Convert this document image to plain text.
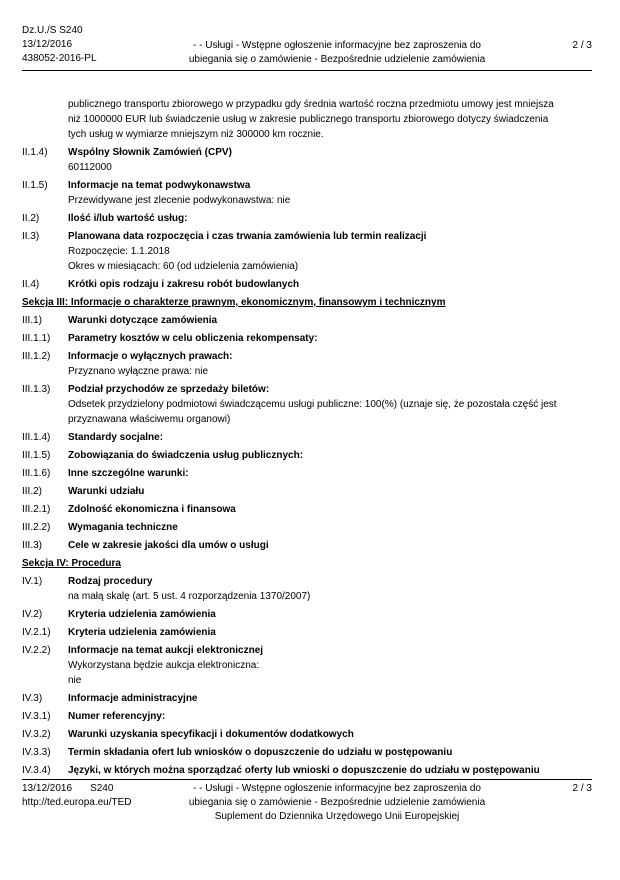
Dz.U./S S240
13/12/2016
438052-2016-PL
- - Usługi - Wstępne ogłoszenie informacyjne bez zaproszenia do
ubiegania się o zamówienie - Bezpośrednie udzielenie zamówienia
2 / 3
publicznego transportu zbiorowego w przypadku gdy średnia wartość roczna przedmiotu umowy jest mniejsza
niż 1000000 EUR lub świadczenie usług w zakresie publicznego transportu zbiorowego dotyczy świadczenia
tych usług w wymiarze mniejszym niż 300000 km rocznie.
II.1.4)	Wspólny Słownik Zamówień (CPV)
60112000
II.1.5)	Informacje na temat podwykonawstwa
Przewidywane jest zlecenie podwykonawstwa: nie
II.2)	Ilość i/lub wartość usług:
II.3)	Planowana data rozpoczęcia i czas trwania zamówienia lub termin realizacji
Rozpoczęcie: 1.1.2018
Okres w miesiącach: 60 (od udzielenia zamówienia)
II.4)	Krótki opis rodzaju i zakresu robót budowlanych
Sekcja III: Informacje o charakterze prawnym, ekonomicznym, finansowym i technicznym
III.1)	Warunki dotyczące zamówienia
III.1.1)	Parametry kosztów w celu obliczenia rekompensaty:
III.1.2)	Informacje o wyłącznych prawach:
Przyznano wyłączne prawa: nie
III.1.3)	Podział przychodów ze sprzedaży biletów:
Odsetek przydzielony podmiotowi świadczącemu usługi publiczne: 100(%) (uznaje się, że pozostała część jest
przyznawana właściwemu organowi)
III.1.4)	Standardy socjalne:
III.1.5)	Zobowiązania do świadczenia usług publicznych:
III.1.6)	Inne szczególne warunki:
III.2)	Warunki udziału
III.2.1)	Zdolność ekonomiczna i finansowa
III.2.2)	Wymagania techniczne
III.3)	Cele w zakresie jakości dla umów o usługi
Sekcja IV: Procedura
IV.1)	Rodzaj procedury
na małą skalę (art. 5 ust. 4 rozporządzenia 1370/2007)
IV.2)	Kryteria udzielenia zamówienia
IV.2.1)	Kryteria udzielenia zamówienia
IV.2.2)	Informacje na temat aukcji elektronicznej
Wykorzystana będzie aukcja elektroniczna:
nie
IV.3)	Informacje administracyjne
IV.3.1)	Numer referencyjny:
IV.3.2)	Warunki uzyskania specyfikacji i dokumentów dodatkowych
IV.3.3)	Termin składania ofert lub wniosków o dopuszczenie do udziału w postępowaniu
IV.3.4)	Języki, w których można sporządzać oferty lub wnioski o dopuszczenie do udziału w postępowaniu
13/12/2016 S240
http://ted.europa.eu/TED
- - Usługi - Wstępne ogłoszenie informacyjne bez zaproszenia do
ubiegania się o zamówienie - Bezpośrednie udzielenie zamówienia
Suplement do Dziennika Urzędowego Unii Europejskiej
2 / 3
